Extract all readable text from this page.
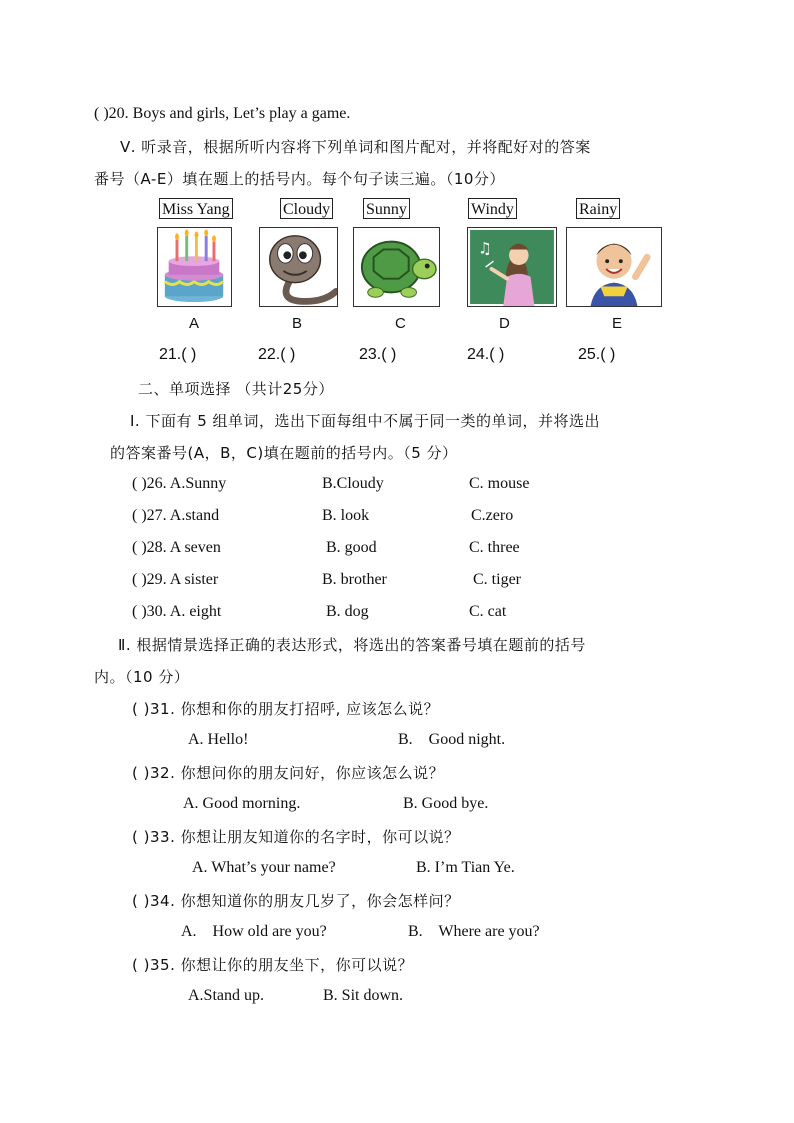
( )20. Boys and girls, Let’s play a game.
Ⅴ. 听录音，根据所听内容将下列单词和图片配对，并将配好对的答案
番号（A-E）填在题上的括号内。每个句子读三遍。（10分）
Miss Yang	Cloudy Sunny	Windy	Rainy
♫
A	B	C	D	E
21.( )	22.( )	23.( )	24.( )	25.( )
二、单项选择 （共计25分）
Ⅰ. 下面有 5 组单词，选出下面每组中不属于同一类的单词，并将选出
的答案番号(A，B，C)填在题前的括号内。（5 分）
( )26. A.Sunny	B.Cloudy	C. mouse
( )27. A.stand	B. look	C.zero
( )28. A seven	B. good	C. three
( )29. A sister	B. brother	C. tiger
( )30. A. eight	B. dog	C. cat
Ⅱ. 根据情景选择正确的表达形式，将选出的答案番号填在题前的括号
内。（10 分）
( )31. 你想和你的朋友打招呼, 应该怎么说？
A. Hello!	B.    Good night.
( )32. 你想问你的朋友问好，你应该怎么说？
A. Good morning.	B. Good bye.
( )33. 你想让朋友知道你的名字时，你可以说？
A. What’s your name?	B. I’m Tian Ye.
( )34. 你想知道你的朋友几岁了，你会怎样问？
A.    How old are you?	B.    Where are you?
( )35. 你想让你的朋友坐下，你可以说？
A.Stand up.	B. Sit down.
